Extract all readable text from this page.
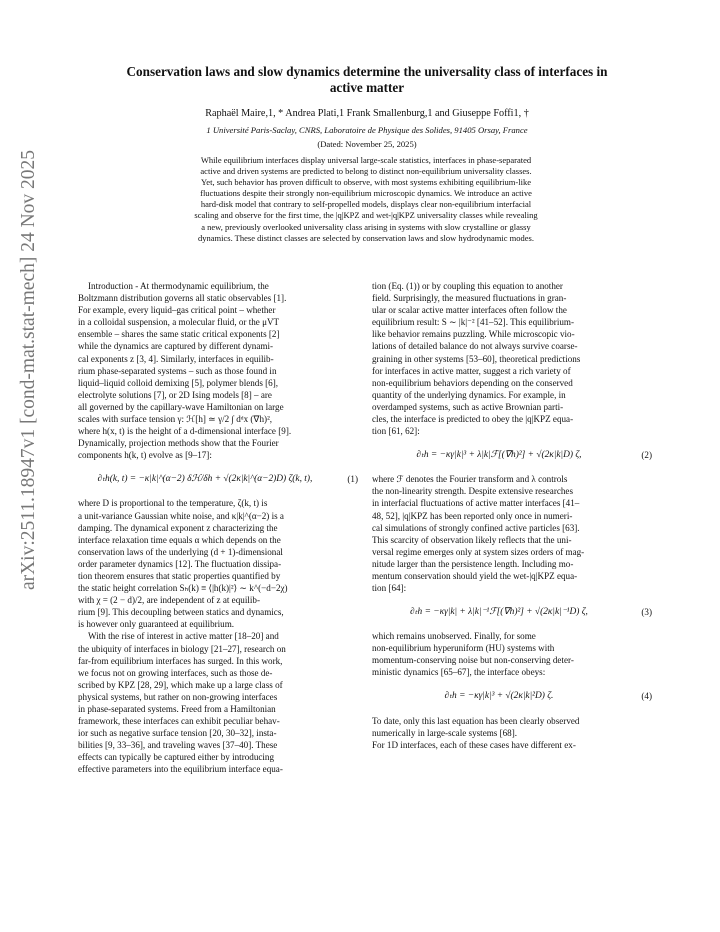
arXiv:2511.18947v1 [cond-mat.stat-mech] 24 Nov 2025
Conservation laws and slow dynamics determine the universality class of interfaces in
active matter
Raphaël Maire,1, * Andrea Plati,1 Frank Smallenburg,1 and Giuseppe Foffi1, †
1 Université Paris-Saclay, CNRS, Laboratoire de Physique des Solides, 91405 Orsay, France
(Dated: November 25, 2025)
While equilibrium interfaces display universal large-scale statistics, interfaces in phase-separated
active and driven systems are predicted to belong to distinct non-equilibrium universality classes.
Yet, such behavior has proven difficult to observe, with most systems exhibiting equilibrium-like
fluctuations despite their strongly non-equilibrium microscopic dynamics. We introduce an active
hard-disk model that contrary to self-propelled models, displays clear non-equilibrium interfacial
scaling and observe for the first time, the |q|KPZ and wet-|q|KPZ universality classes while revealing
a new, previously overlooked universality class arising in systems with slow crystalline or glassy
dynamics. These distinct classes are selected by conservation laws and slow hydrodynamic modes.
Introduction - At thermodynamic equilibrium, the
Boltzmann distribution governs all static observables [1].
For example, every liquid–gas critical point – whether
in a colloidal suspension, a molecular fluid, or the μVT
ensemble – shares the same static critical exponents [2]
while the dynamics are captured by different dynami-
cal exponents z [3, 4]. Similarly, interfaces in equilib-
rium phase-separated systems – such as those found in
liquid–liquid colloid demixing [5], polymer blends [6],
electrolyte solutions [7], or 2D Ising models [8] – are
all governed by the capillary-wave Hamiltonian on large
scales with surface tension γ: ℋ[h] ≃ γ/2 ∫ dᵈx (∇h)²,
where h(x, t) is the height of a d-dimensional interface [9].
Dynamically, projection methods show that the Fourier
components h(k, t) evolve as [9–17]:
∂ₜh(k, t) = −κ|k|^(α−2) δℋ/δh + √(2κ|k|^(α−2)D) ζ(k, t),	(1)
where D is proportional to the temperature, ζ(k, t) is
a unit-variance Gaussian white noise, and κ|k|^(α−2) is a
damping. The dynamical exponent z characterizing the
interface relaxation time equals α which depends on the
conservation laws of the underlying (d + 1)-dimensional
order parameter dynamics [12]. The fluctuation dissipa-
tion theorem ensures that static properties quantified by
the static height correlation Sₕ(k) ≡ ⟨|h(k)|²⟩ ∼ k^(−d−2χ)
with χ = (2 − d)/2, are independent of z at equilib-
rium [9]. This decoupling between statics and dynamics,
is however only guaranteed at equilibrium.
With the rise of interest in active matter [18–20] and
the ubiquity of interfaces in biology [21–27], research on
far-from equilibrium interfaces has surged. In this work,
we focus not on growing interfaces, such as those de-
scribed by KPZ [28, 29], which make up a large class of
physical systems, but rather on non-growing interfaces
in phase-separated systems. Freed from a Hamiltonian
framework, these interfaces can exhibit peculiar behav-
ior such as negative surface tension [20, 30–32], insta-
bilities [9, 33–36], and traveling waves [37–40]. These
effects can typically be captured either by introducing
effective parameters into the equilibrium interface equa-
tion (Eq. (1)) or by coupling this equation to another
field. Surprisingly, the measured fluctuations in gran-
ular or scalar active matter interfaces often follow the
equilibrium result: S ∼ |k|⁻² [41–52]. This equilibrium-
like behavior remains puzzling. While microscopic vio-
lations of detailed balance do not always survive coarse-
graining in other systems [53–60], theoretical predictions
for interfaces in active matter, suggest a rich variety of
non-equilibrium behaviors depending on the conserved
quantity of the underlying dynamics. For example, in
overdamped systems, such as active Brownian parti-
cles, the interface is predicted to obey the |q|KPZ equa-
tion [61, 62]:
∂ₜh = −κγ|k|³ + λ|k|ℱ[(∇h)²] + √(2κ|k|D) ζ,	(2)
where ℱ denotes the Fourier transform and λ controls
the non-linearity strength. Despite extensive researches
in interfacial fluctuations of active matter interfaces [41–
48, 52], |q|KPZ has been reported only once in numeri-
cal simulations of strongly confined active particles [63].
This scarcity of observation likely reflects that the uni-
versal regime emerges only at system sizes orders of mag-
nitude larger than the persistence length. Including mo-
mentum conservation should yield the wet-|q|KPZ equa-
tion [64]:
∂ₜh = −κγ|k| + λ|k|⁻¹ℱ[(∇h)²] + √(2κ|k|⁻¹D) ζ,	(3)
which remains unobserved. Finally, for some
non-equilibrium hyperuniform (HU) systems with
momentum-conserving noise but non-conserving deter-
ministic dynamics [65–67], the interface obeys:
∂ₜh = −κγ|k|³ + √(2κ|k|²D) ζ.	(4)
To date, only this last equation has been clearly observed
numerically in large-scale systems [68].
For 1D interfaces, each of these cases have different ex-
